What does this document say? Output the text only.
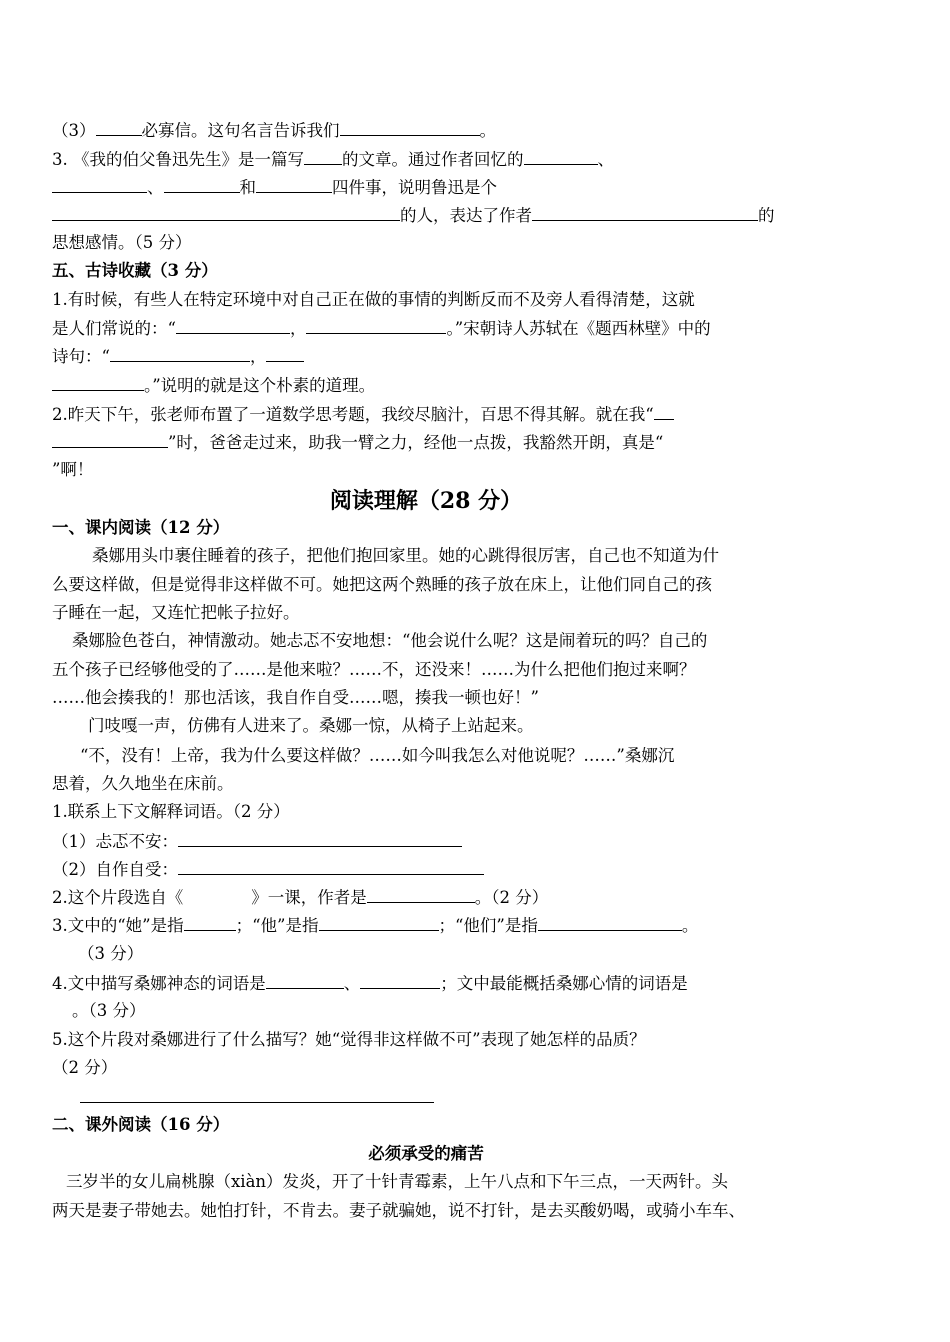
（3）	必寡信。这句名言告诉我们	。
3. 《我的伯父鲁迅先生》是一篇写 的文章。通过作者回忆的	、
、	和	四件事，说明鲁迅是个
的人，表达了作者	的
思想感情。（5 分）
五、古诗收藏（3 分）
1.有时候，有些人在特定环境中对自己正在做的事情的判断反而不及旁人看得清楚，这就
是人们常说的：“	，	。”宋朝诗人苏轼在《题西林壁》中的
诗句：“	，
。”说明的就是这个朴素的道理。
2.昨天下午，张老师布置了一道数学思考题，我绞尽脑汁，百思不得其解。就在我“
”时，爸爸走过来，助我一臂之力，经他一点拨，我豁然开朗，真是“
”啊！
阅读理解（28 分）
一、课内阅读（12 分）
桑娜用头巾裹住睡着的孩子，把他们抱回家里。她的心跳得很厉害，自己也不知道为什
么要这样做，但是觉得非这样做不可。她把这两个熟睡的孩子放在床上，让他们同自己的孩
子睡在一起，又连忙把帐子拉好。
桑娜脸色苍白，神情激动。她忐忑不安地想：“他会说什么呢？这是闹着玩的吗？自己的
五个孩子已经够他受的了……是他来啦？……不，还没来！……为什么把他们抱过来啊？
……他会揍我的！那也活该，我自作自受……嗯，揍我一顿也好！”
门吱嘎一声，仿佛有人进来了。桑娜一惊，从椅子上站起来。
“不，没有！上帝，我为什么要这样做？……如今叫我怎么对他说呢？……”桑娜沉
思着，久久地坐在床前。
1.联系上下文解释词语。（2 分）
（1）忐忑不安：
（2）自作自受：
2.这个片段选自《	》一课，作者是	。（2 分）
3.文中的“她”是指	；“他”是指	；“他们”是指	。
（3 分）
4.文中描写桑娜神态的词语是	、	；文中最能概括桑娜心情的词语是
。（3 分）
5.这个片段对桑娜进行了什么描写？她“觉得非这样做不可”表现了她怎样的品质？
（2 分）
二、课外阅读（16 分）
必须承受的痛苦
三岁半的女儿扁桃腺（xiàn）发炎，开了十针青霉素，上午八点和下午三点，一天两针。头
两天是妻子带她去。她怕打针，不肯去。妻子就骗她，说不打针，是去买酸奶喝，或骑小车车、
